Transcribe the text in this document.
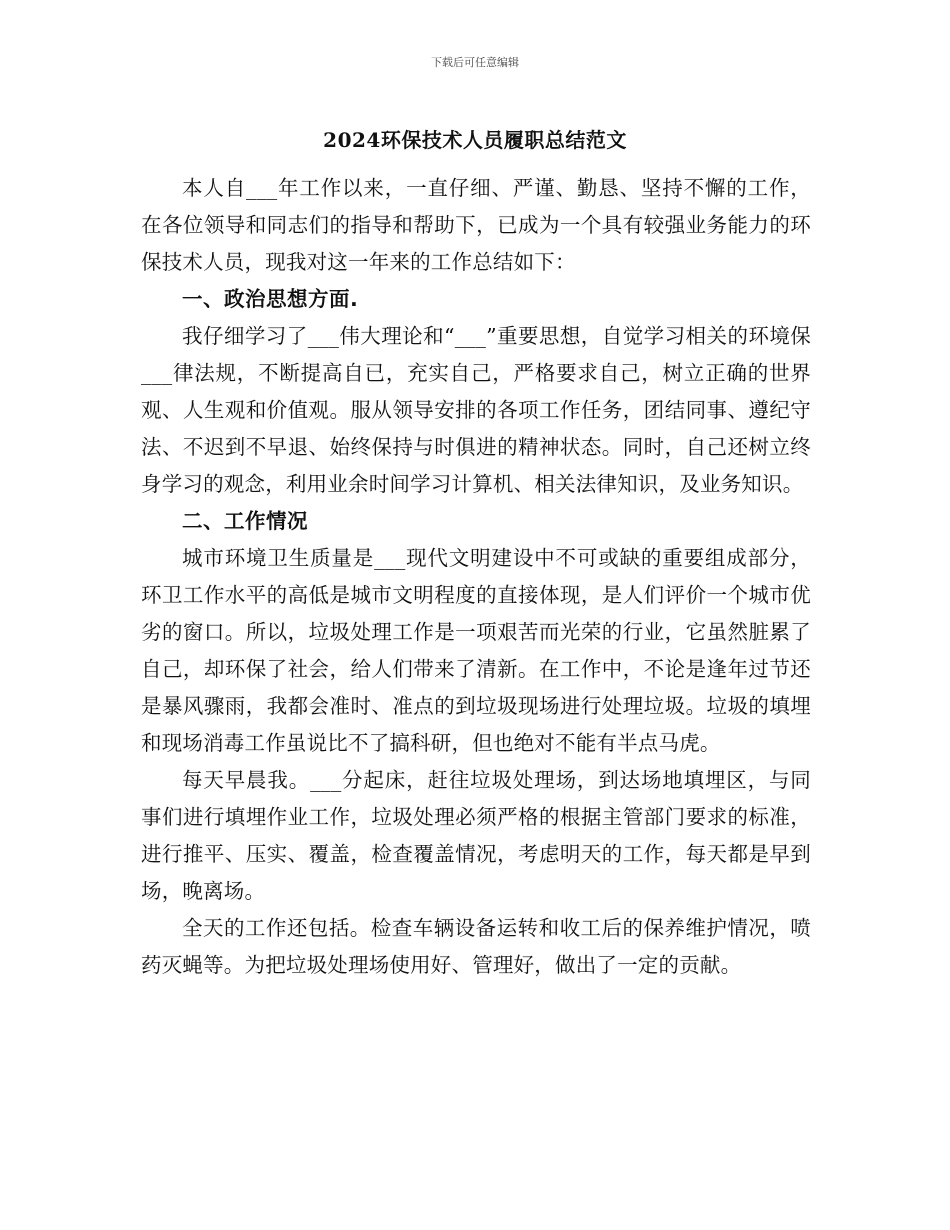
下载后可任意编辑
2024环保技术人员履职总结范文

本人自___年工作以来，一直仔细、严谨、勤恳、坚持不懈的工作，在各位领导和同志们的指导和帮助下，已成为一个具有较强业务能力的环保技术人员，现我对这一年来的工作总结如下：

一、政治思想方面.

我仔细学习了___伟大理论和“___”重要思想，自觉学习相关的环境保___律法规，不断提高自已，充实自己，严格要求自己，树立正确的世界观、人生观和价值观。服从领导安排的各项工作任务，团结同事、遵纪守法、不迟到不早退、始终保持与时俱进的精神状态。同时，自己还树立终身学习的观念，利用业余时间学习计算机、相关法律知识，及业务知识。

二、工作情况

城市环境卫生质量是___现代文明建设中不可或缺的重要组成部分，环卫工作水平的高低是城市文明程度的直接体现，是人们评价一个城市优劣的窗口。所以，垃圾处理工作是一项艰苦而光荣的行业，它虽然脏累了自己，却环保了社会，给人们带来了清新。在工作中，不论是逢年过节还是暴风骤雨，我都会准时、准点的到垃圾现场进行处理垃圾。垃圾的填埋和现场消毒工作虽说比不了搞科研，但也绝对不能有半点马虎。

每天早晨我。___分起床，赶往垃圾处理场，到达场地填埋区，与同事们进行填埋作业工作，垃圾处理必须严格的根据主管部门要求的标准，进行推平、压实、覆盖，检查覆盖情况，考虑明天的工作，每天都是早到场，晚离场。

全天的工作还包括。检查车辆设备运转和收工后的保养维护情况，喷药灭蝇等。为把垃圾处理场使用好、管理好，做出了一定的贡献。
